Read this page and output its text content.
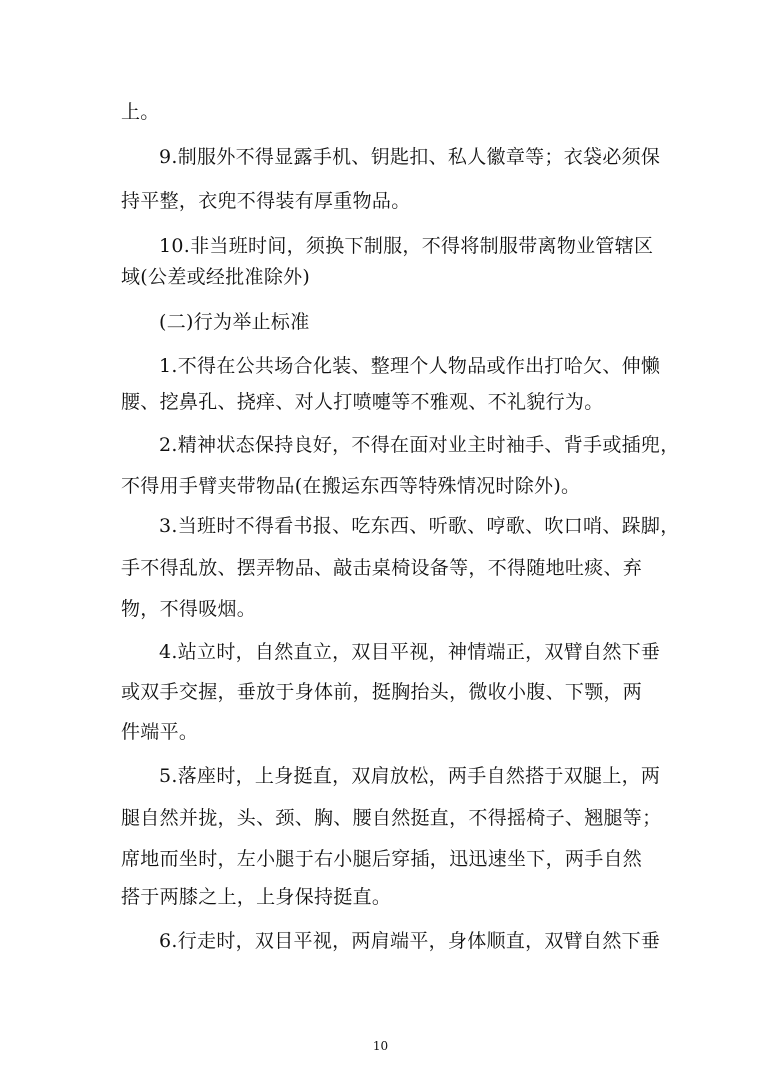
上。
9.制服外不得显露手机、钥匙扣、私人徽章等；衣袋必须保
持平整，衣兜不得装有厚重物品。
10.非当班时间，须换下制服，不得将制服带离物业管辖区
域(公差或经批准除外)
(二)行为举止标准
1.不得在公共场合化装、整理个人物品或作出打哈欠、伸懒
腰、挖鼻孔、挠痒、对人打喷嚏等不雅观、不礼貌行为。
2.精神状态保持良好，不得在面对业主时袖手、背手或插兜，
不得用手臂夹带物品(在搬运东西等特殊情况时除外)。
3.当班时不得看书报、吃东西、听歌、哼歌、吹口哨、跺脚，
手不得乱放、摆弄物品、敲击桌椅设备等，不得随地吐痰、弃
物，不得吸烟。
4.站立时，自然直立，双目平视，神情端正，双臂自然下垂
或双手交握，垂放于身体前，挺胸抬头，微收小腹、下颚，两
件端平。
5.落座时，上身挺直，双肩放松，两手自然搭于双腿上，两
腿自然并拢，头、颈、胸、腰自然挺直，不得摇椅子、翘腿等；
席地而坐时，左小腿于右小腿后穿插，迅迅速坐下，两手自然
搭于两膝之上，上身保持挺直。
6.行走时，双目平视，两肩端平，身体顺直，双臂自然下垂
10
